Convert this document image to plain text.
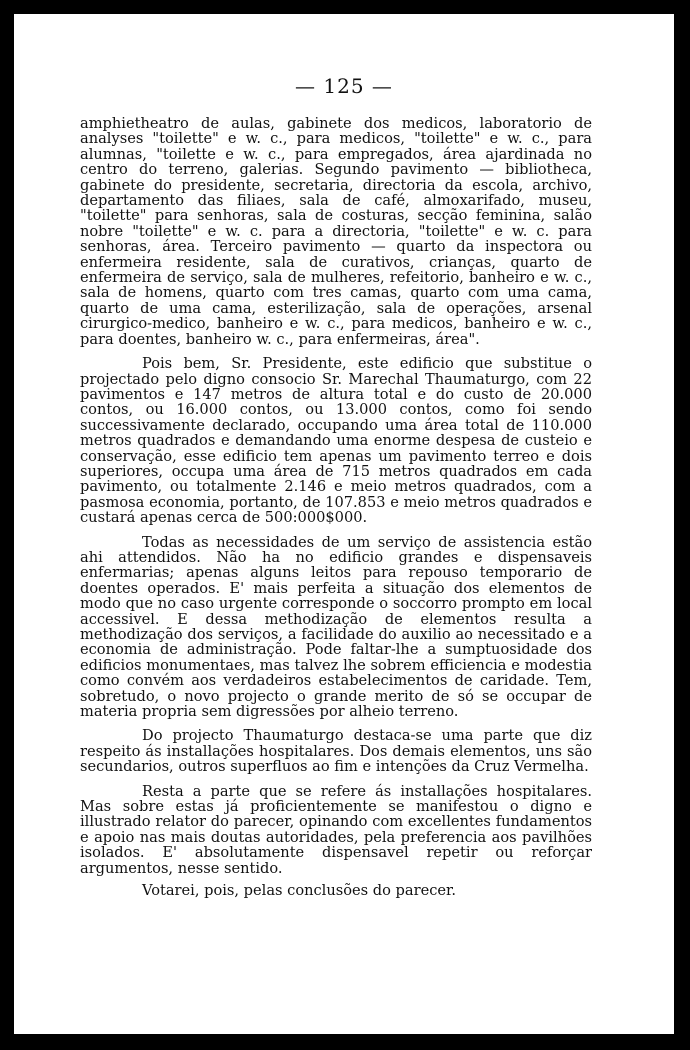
— 125 —

amphietheatro de aulas, gabinete dos medicos, laboratorio de analyses "toilette" e w. c., para medicos, "toilette" e w. c., para alumnas, "toilette e w. c., para empregados, área ajardinada no centro do terreno, galerias. Segundo pavimento — bibliotheca, gabinete do presidente, secretaria, directoria da escola, archivo, departamento das filiaes, sala de café, almoxarifado, museu, "toilette" para senhoras, sala de costuras, secção feminina, salão nobre "toilette" e w. c. para a directoria, "toilette" e w. c. para senhoras, área. Terceiro pavimento — quarto da inspectora ou enfermeira residente, sala de curativos, crianças, quarto de enfermeira de serviço, sala de mulheres, refeitorio, banheiro e w. c., sala de homens, quarto com tres camas, quarto com uma cama, quarto de uma cama, esterilização, sala de operações, arsenal cirurgico-medico, banheiro e w. c., para medicos, banheiro e w. c., para doentes, banheiro w. c., para enfermeiras, área".

Pois bem, Sr. Presidente, este edificio que substitue o projectado pelo digno consocio Sr. Marechal Thaumaturgo, com 22 pavimentos e 147 metros de altura total e do custo de 20.000 contos, ou 16.000 contos, ou 13.000 contos, como foi sendo successivamente declarado, occupando uma área total de 110.000 metros quadrados e demandando uma enorme despesa de custeio e conservação, esse edificio tem apenas um pavimento terreo e dois superiores, occupa uma área de 715 metros quadrados em cada pavimento, ou totalmente 2.146 e meio metros quadrados, com a pasmosa economia, portanto, de 107.853 e meio metros quadrados e custará apenas cerca de 500:000$000.

Todas as necessidades de um serviço de assistencia estão ahi attendidos. Não ha no edificio grandes e dispensaveis enfermarias; apenas alguns leitos para repouso temporario de doentes operados. E' mais perfeita a situação dos elementos de modo que no caso urgente corresponde o soccorro prompto em local accessivel. E dessa methodização de elementos resulta a methodização dos serviços, a facilidade do auxilio ao necessitado e a economia de administração. Pode faltar-lhe a sumptuosidade dos edificios monumentaes, mas talvez lhe sobrem efficiencia e modestia como convém aos verdadeiros estabelecimentos de caridade. Tem, sobretudo, o novo projecto o grande merito de só se occupar de materia propria sem digressões por alheio terreno.

Do projecto Thaumaturgo destaca-se uma parte que diz respeito ás installações hospitalares. Dos demais elementos, uns são secundarios, outros superfluos ao fim e intenções da Cruz Vermelha.

Resta a parte que se refere ás installações hospitalares. Mas sobre estas já proficientemente se manifestou o digno e illustrado relator do parecer, opinando com excellentes fundamentos e apoio nas mais doutas autoridades, pela preferencia aos pavilhões isolados. E' absolutamente dispensavel repetir ou reforçar argumentos, nesse sentido.

Votarei, pois, pelas conclusões do parecer.
